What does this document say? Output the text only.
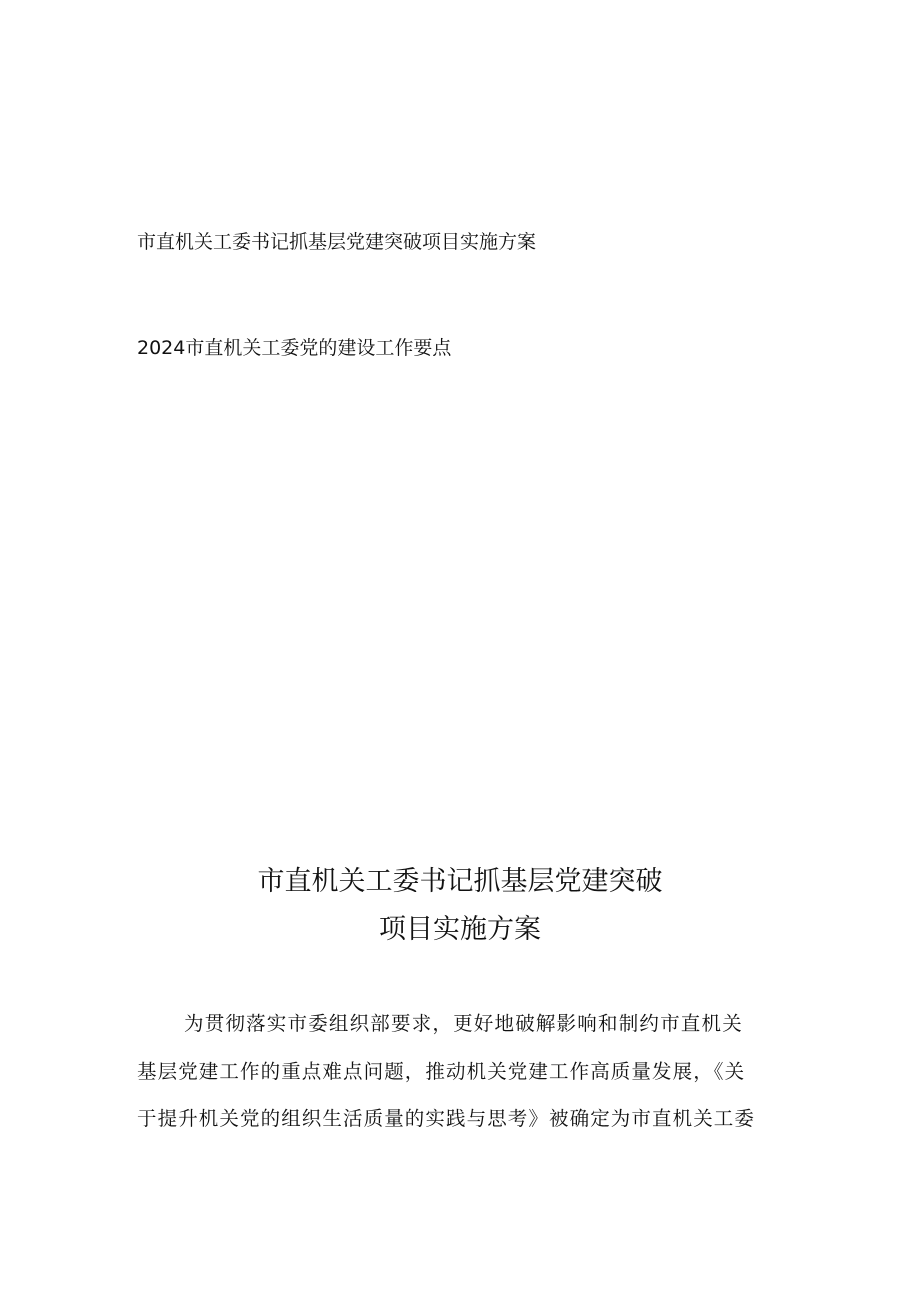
市直机关工委书记抓基层党建突破项目实施方案
2024市直机关工委党的建设工作要点
市直机关工委书记抓基层党建突破
项目实施方案
为贯彻落实市委组织部要求，更好地破解影响和制约市直机关
基层党建工作的重点难点问题，推动机关党建工作高质量发展，《关
于提升机关党的组织生活质量的实践与思考》被确定为市直机关工委
